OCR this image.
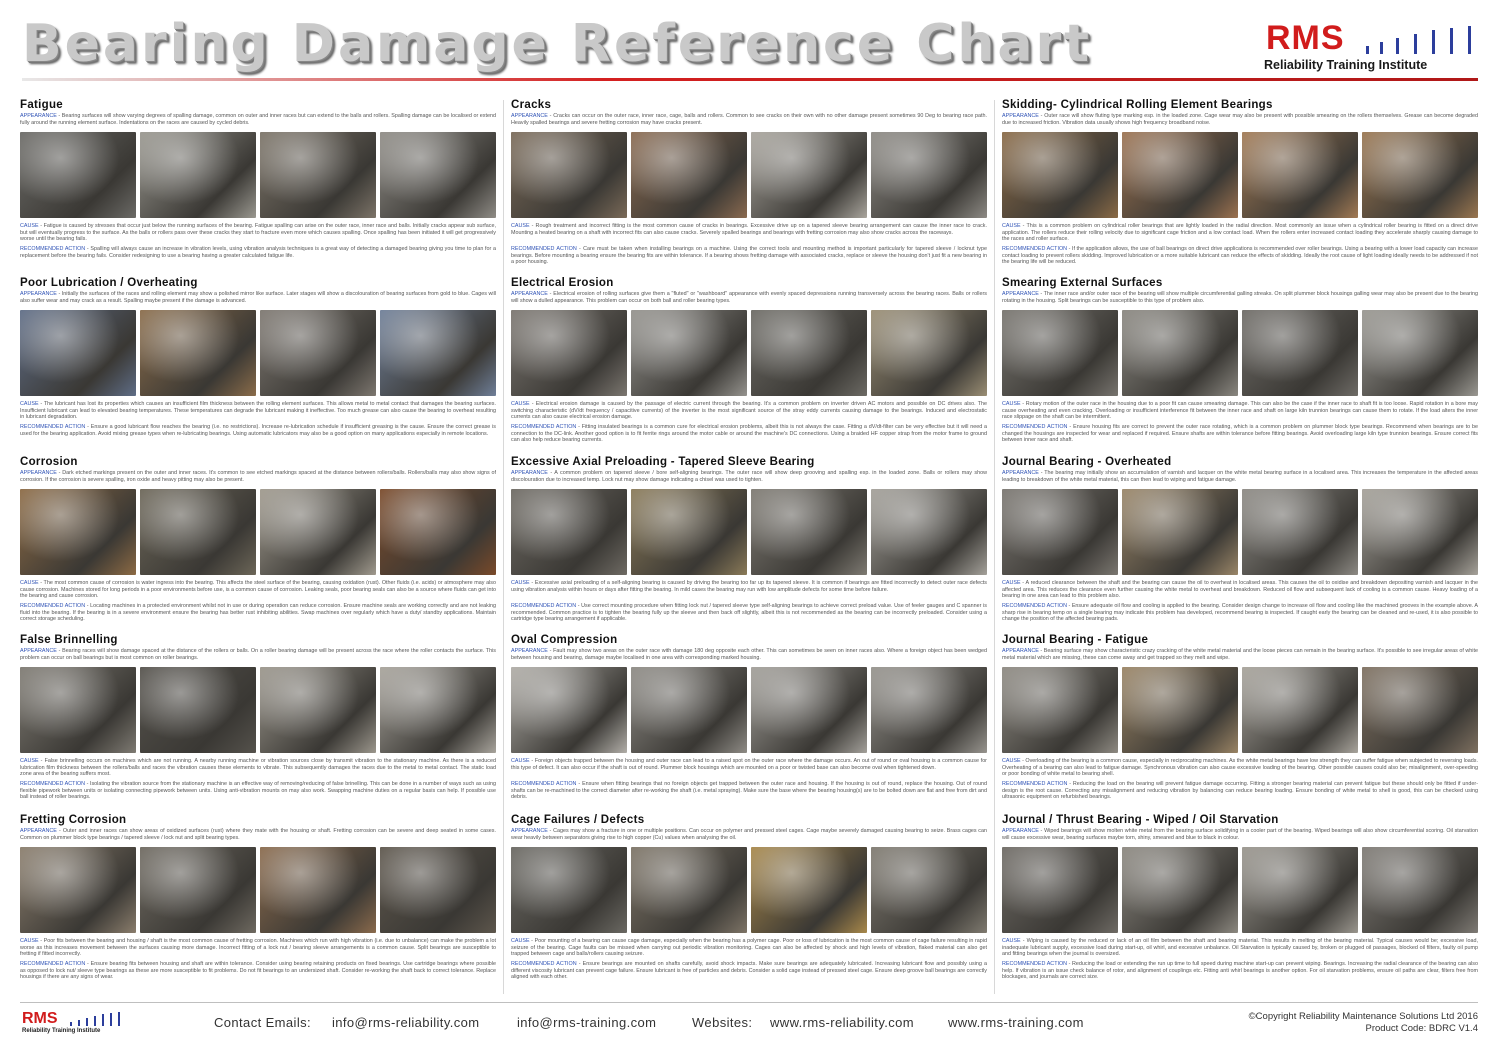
Bearing Damage Reference Chart	RMS
Reliability Training Institute
Fatigue
APPEARANCE - Bearing surfaces will show varying degrees of spalling damage, common on outer and inner races but can extend to the balls and rollers. Spalling damage can be localised or extend fully around the running element surface. Indentations on the races are caused by cycled debris.
CAUSE - Fatigue is caused by stresses that occur just below the running surfaces of the bearing. Fatigue spalling can arise on the outer race, inner race and balls. Initially cracks appear sub surface, but will eventually progress to the surface. As the balls or rollers pass over these cracks they start to fracture even more which causes spalling. Once spalling has been initiated it will get progressively worse until the bearing fails.
RECOMMENDED ACTION - Spalling will always cause an increase in vibration levels, using vibration analysis techniques is a great way of detecting a damaged bearing giving you time to plan for a replacement before the bearing fails. Consider redesigning to use a bearing having a greater calculated fatigue life.
Poor Lubrication / Overheating
APPEARANCE - Initially the surfaces of the races and rolling element may show a polished mirror like surface. Later stages will show a discolouration of bearing surfaces from gold to blue. Cages will also suffer wear and may crack as a result. Spalling maybe present if the damage is advanced.
CAUSE - The lubricant has lost its properties which causes an insufficient film thickness between the rolling element surfaces. This allows metal to metal contact that damages the bearing surfaces. Insufficient lubricant can lead to elevated bearing temperatures. These temperatures can degrade the lubricant making it ineffective. Too much grease can also cause the bearing to overheat resulting in lubricant degradation.
RECOMMENDED ACTION - Ensure a good lubricant flow reaches the bearing (i.e. no restrictions). Increase re-lubrication schedule if insufficient greasing is the cause. Ensure the correct grease is used for the bearing application. Avoid mixing grease types when re-lubricating bearings. Using automatic lubricators may also be a good option on many applications especially in remote locations.
Corrosion
APPEARANCE - Dark etched markings present on the outer and inner races. It's common to see etched markings spaced at the distance between rollers/balls. Rollers/balls may also show signs of corrosion. If the corrosion is severe spalling, iron oxide and heavy pitting may also be present.
CAUSE - The most common cause of corrosion is water ingress into the bearing. This affects the steel surface of the bearing, causing oxidation (rust). Other fluids (i.e. acids) or atmosphere may also cause corrosion. Machines stored for long periods in a poor environments before use, is a common cause of corrosion. Leaking seals, poor bearing seals can also be a source where fluids can get into the bearing and cause corrosion.
RECOMMENDED ACTION - Locating machines in a protected environment whilst not in use or during operation can reduce corrosion. Ensure machine seals are working correctly and are not leaking fluid into the bearing. If the bearing is in a severe environment ensure the bearing has better rust inhibiting abilities. Swap machines over regularly which have a duty/ standby applications. Maintain correct storage scheduling.
False Brinnelling
APPEARANCE - Bearing races will show damage spaced at the distance of the rollers or balls. On a roller bearing damage will be present across the race where the roller contacts the surface. This problem can occur on ball bearings but is most common on roller bearings.
CAUSE - False brinnelling occurs on machines which are not running. A nearby running machine or vibration sources close by transmit vibration to the stationary machine. As there is a reduced lubrication film thickness between the rollers/balls and races the vibration causes these elements to vibrate. This subsequently damages the races due to the metal to metal contact. The static load zone area of the bearing suffers most.
RECOMMENDED ACTION - Isolating the vibration source from the stationary machine is an effective way of removing/reducing of false brinelling. This can be done in a number of ways such as using flexible pipework between units or isolating connecting pipework between units. Using anti-vibration mounts on may also work. Swapping machine duties on a regular basis can help. If possible use ball instead of roller bearings.
Fretting Corrosion
APPEARANCE - Outer and inner races can show areas of oxidized surfaces (rust) where they mate with the housing or shaft. Fretting corrosion can be severe and deep seated in some cases. Common on plummer block type bearings / tapered sleeve / lock nut and split bearing types.
CAUSE - Poor fits between the bearing and housing / shaft is the most common cause of fretting corrosion. Machines which run with high vibration (i.e. due to unbalance) can make the problem a lot worse as this increases movement between the surfaces causing more damage. Incorrect fitting of a lock nut / bearing sleeve arrangements is a common cause. Split bearings are susceptible to fretting if fitted incorrectly.
RECOMMENDED ACTION - Ensure bearing fits between housing and shaft are within tolerance. Consider using bearing retaining products on fixed bearings. Use cartridge bearings where possible as opposed to lock nut/ sleeve type bearings as these are more susceptible to fit problems. Do not fit bearings to an undersized shaft. Consider re-working the shaft back to correct tolerance. Replace housings if there are any signs of wear.
Cracks
APPEARANCE - Cracks can occur on the outer race, inner race, cage, balls and rollers. Common to see cracks on their own with no other damage present sometimes 90 Deg to bearing race path. Heavily spalled bearings and severe fretting corrosion may have cracks present.
CAUSE - Rough treatment and incorrect fitting is the most common cause of cracks in bearings. Excessive drive up on a tapered sleeve bearing arrangement can cause the inner race to crack. Mounting a heated bearing on a shaft with incorrect fits can also cause cracks. Severely spalled bearings and bearings with fretting corrosion may also show cracks across the raceways.
RECOMMENDED ACTION - Care must be taken when installing bearings on a machine. Using the correct tools and mounting method is important particularly for tapered sleeve / locknut type bearings. Before mounting a bearing ensure the bearing fits are within tolerance. If a bearing shows fretting damage with associated cracks, replace or sleeve the housing don't just fit a new bearing in a poor housing.
Electrical Erosion
APPEARANCE - Electrical erosion of rolling surfaces give them a "fluted" or "washboard" appearance with evenly spaced depressions running transversely across the bearing races. Balls or rollers will show a dulled appearance. This problem can occur on both ball and roller bearing types.
CAUSE - Electrical erosion damage is caused by the passage of electric current through the bearing. It's a common problem on inverter driven AC motors and possible on DC drives also. The switching characteristic (dV/dt frequency / capacitive currents) of the inverter is the most significant source of the stray eddy currents causing damage to the bearings. Induced and electrostatic currents can also cause electrical erosion damage.
RECOMMENDED ACTION - Fitting insulated bearings is a common cure for electrical erosion problems, albeit this is not always the case. Fitting a dV/dt-filter can be very effective but it will need a connection to the DC-link. Another good option is to fit ferrite rings around the motor cable or around the machine's DC connections. Using a braided HF copper strap from the motor frame to ground can also help reduce bearing currents.
Excessive Axial Preloading - Tapered Sleeve Bearing
APPEARANCE - A common problem on tapered sleeve / bore self-aligning bearings. The outer race will show deep grooving and spalling esp. in the loaded zone. Balls or rollers may show discolouration due to increased temp. Lock nut may show damage indicating a chisel was used to tighten.
CAUSE - Excessive axial preloading of a self-aligning bearing is caused by driving the bearing too far up its tapered sleeve. It is common if bearings are fitted incorrectly to detect outer race defects using vibration analysis within hours or days after fitting the bearing. In mild cases the bearing may run with low amplitude defects for some time before failure.
RECOMMENDED ACTION - Use correct mounting procedure when fitting lock nut / tapered sleeve type self-aligning bearings to achieve correct preload value. Use of feeler gauges and C spanner is recommended. Common practice is to tighten the bearing fully up the sleeve and then back off slightly, albeit this is not recommended as the bearing can be incorrectly preloaded. Consider using a cartridge type bearing arrangement if applicable.
Oval Compression
APPEARANCE - Fault may show two areas on the outer race with damage 180 deg opposite each other. This can sometimes be seen on inner races also. Where a foreign object has been wedged between housing and bearing, damage maybe localised in one area with corresponding marked housing.
CAUSE - Foreign objects trapped between the housing and outer race can lead to a raised spot on the outer race where the damage occurs. An out of round or oval housing is a common cause for this type of defect. It can also occur if the shaft is out of round. Plummer block housings which are mounted on a poor or twisted base can also become oval when tightened down.
RECOMMENDED ACTION - Ensure when fitting bearings that no foreign objects get trapped between the outer race and housing. If the housing is out of round, replace the housing. Out of round shafts can be re-machined to the correct diameter after re-working the shaft (i.e. metal spraying). Make sure the base where the bearing housing(s) are to be bolted down are flat and free from dirt and debris.
Cage Failures / Defects
APPEARANCE - Cages may show a fracture in one or multiple positions. Can occur on polymer and pressed steel cages. Cage maybe severely damaged causing bearing to seize. Brass cages can wear heavily between separators giving rise to high copper (Cu) values when analysing the oil.
CAUSE - Poor mounting of a bearing can cause cage damage, especially when the bearing has a polymer cage. Poor or loss of lubrication is the most common cause of cage failure resulting in rapid seizure of the bearing. Cage faults can be missed when carrying out periodic vibration monitoring. Cages can also be affected by shock and high levels of vibration, flaked material can also get trapped between cage and balls/rollers causing seizure.
RECOMMENDED ACTION - Ensure bearings are mounted on shafts carefully, avoid shock impacts. Make sure bearings are adequately lubricated. Increasing lubricant flow and possibly using a different viscosity lubricant can prevent cage failure. Ensure lubricant is free of particles and debris. Consider a solid cage instead of pressed steel cage. Ensure deep groove ball bearings are correctly aligned with each other.
Skidding- Cylindrical Rolling Element Bearings
APPEARANCE - Outer race will show fluting type marking esp. in the loaded zone. Cage wear may also be present with possible smearing on the rollers themselves. Grease can become degraded due to increased friction. Vibration data usually shows high frequency broadband noise.
CAUSE - This is a common problem on cylindrical roller bearings that are lightly loaded in the radial direction. Most commonly an issue when a cylindrical roller bearing is fitted on a direct drive application. The rollers reduce their rolling velocity due to significant cage friction and a low contact load. When the rollers enter increased contact loading they accelerate sharply causing damage to the races and roller surface.
RECOMMENDED ACTION - If the application allows, the use of ball bearings on direct drive applications is recommended over roller bearings. Using a bearing with a lower load capacity can increase contact loading to prevent rollers skidding. Improved lubrication or a more suitable lubricant can reduce the effects of skidding. Ideally the root cause of light loading ideally needs to be addressed if not the bearing life will be reduced.
Smearing External Surfaces
APPEARANCE - The inner race and/or outer race of the bearing will show multiple circumferential galling streaks. On split plummer block housings galling wear may also be present due to the bearing rotating in the housing. Split bearings can be susceptible to this type of problem also.
CAUSE - Rotary motion of the outer race in the housing due to a poor fit can cause smearing damage. This can also be the case if the inner race to shaft fit is too loose. Rapid rotation in a bore may cause overheating and even cracking. Overloading or insufficient interference fit between the inner race and shaft on large kiln trunnion bearings can cause them to rotate. If the load alters the inner race slippage on the shaft can be intermittent.
RECOMMENDED ACTION - Ensure housing fits are correct to prevent the outer race rotating, which is a common problem on plummer block type bearings. Recommend when bearings are to be changed the housings are inspected for wear and replaced if required. Ensure shafts are within tolerance before fitting bearings. Avoid overloading large kiln type trunnion bearings. Ensure correct fits between inner race and shaft.
Journal Bearing - Overheated
APPEARANCE - The bearing may initially show an accumulation of varnish and lacquer on the white metal bearing surface in a localised area. This increases the temperature in the affected areas leading to breakdown of the white metal material, this can then lead to wiping and fatigue damage.
CAUSE - A reduced clearance between the shaft and the bearing can cause the oil to overheat in localised areas. This causes the oil to oxidise and breakdown depositing varnish and lacquer in the affected area. This reduces the clearance even further causing the white metal to overheat and breakdown. Reduced oil flow and subsequent lack of cooling is a common cause. Heavy loading of a bearing in one area can lead to this problem also.
RECOMMENDED ACTION - Ensure adequate oil flow and cooling is applied to the bearing. Consider design change to increase oil flow and cooling like the machined grooves in the example above. A sharp rise in bearing temp on a single bearing may indicate this problem has developed, recommend bearing is inspected. If caught early the bearing can be cleaned and re-used, it is also possible to change the position of the affected bearing pads.
Journal Bearing - Fatigue
APPEARANCE - Bearing surface may show characteristic crazy cracking of the white metal material and the loose pieces can remain in the bearing surface. It's possible to see irregular areas of white metal material which are missing, these can come away and get trapped so they melt and wipe.
CAUSE - Overloading of the bearing is a common cause, especially in reciprocating machines. As the white metal bearings have low strength they can suffer fatigue when subjected to reversing loads. Overheating of a bearing can also lead to fatigue damage. Synchronous vibration can also cause excessive loading of the bearing. Other possible causes could also be; misalignment, over-speeding or poor bonding of white metal to bearing shell.
RECOMMENDED ACTION - Reducing the load on the bearing will prevent fatigue damage occurring. Fitting a stronger bearing material can prevent fatigue but these should only be fitted if under-design is the root cause. Correcting any misalignment and reducing vibration by balancing can reduce bearing loading. Ensure bonding of white metal to shell is good, this can be checked using ultrasonic equipment on refurbished bearings.
Journal / Thrust Bearing - Wiped / Oil Starvation
APPEARANCE - Wiped bearings will show molten white metal from the bearing surface solidifying in a cooler part of the bearing. Wiped bearings will also show circumferential scoring. Oil starvation will cause excessive wear, bearing surfaces maybe torn, shiny, smeared and blue to black in colour.
CAUSE - Wiping is caused by the reduced or lack of an oil film between the shaft and bearing material. This results in melting of the bearing material. Typical causes would be; excessive load, inadequate lubricant supply, excessive load during start-up, oil whirl, and excessive unbalance. Oil Starvation is typically caused by, broken or plugged oil passages, blocked oil filters, faulty oil pump and fitting bearings when the journal is oversized.
RECOMMENDED ACTION - Reducing the load or extending the run up time to full speed during machine start-up can prevent wiping. Bearings. Increasing the radial clearance of the bearing can also help. If vibration is an issue check balance of rotor, and alignment of couplings etc. Fitting anti whirl bearings is another option. For oil starvation problems, ensure oil paths are clear, filters free from blockages, and journals are correct size.
RMS
Reliability Training Institute
Contact Emails: info@rms-reliability.com	info@rms-training.com	Websites: www.rms-reliability.com	www.rms-training.com	©Copyright Reliability Maintenance Solutions Ltd 2016
Product Code: BDRC V1.4
